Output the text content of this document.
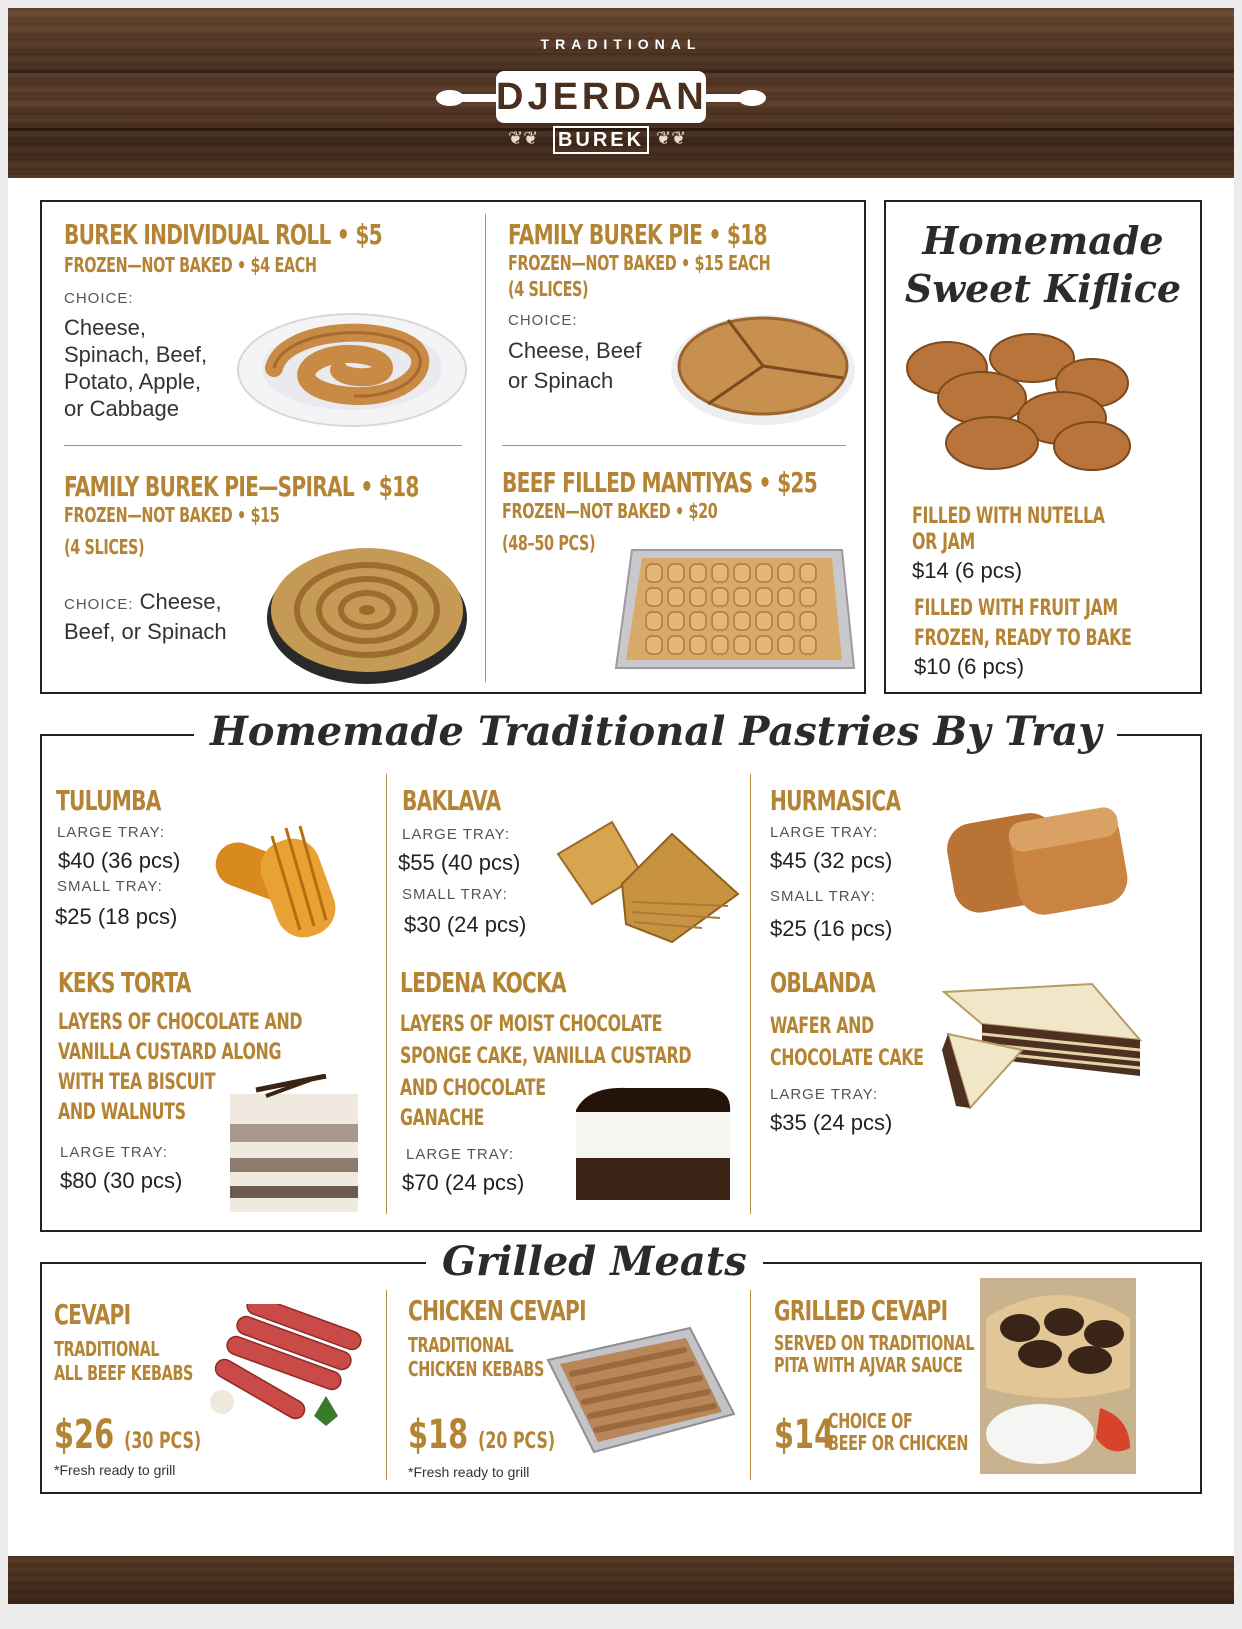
TRADITIONAL
DJERDAN
❦❦ BUREK ❦❦
BUREK INDIVIDUAL ROLL • $5
FROZEN—NOT BAKED • $4 EACH
CHOICE:
Cheese,
Spinach, Beef,
Potato, Apple,
or Cabbage
FAMILY BUREK PIE • $18
FROZEN—NOT BAKED • $15 EACH
(4 SLICES)
CHOICE:
Cheese, Beef
or Spinach
FAMILY BUREK PIE—SPIRAL • $18
FROZEN—NOT BAKED • $15
(4 SLICES)
CHOICE: Cheese,
Beef, or Spinach
BEEF FILLED MANTIYAS • $25
FROZEN—NOT BAKED • $20
(48–50 PCS)
Homemade
Sweet Kiflice
FILLED WITH NUTELLA
OR JAM
$14 (6 pcs)
FILLED WITH FRUIT JAM
FROZEN, READY TO BAKE
$10 (6 pcs)
Homemade Traditional Pastries By Tray
TULUMBA
LARGE TRAY:
$40 (36 pcs)
SMALL TRAY:
$25 (18 pcs)
BAKLAVA
LARGE TRAY:
$55 (40 pcs)
SMALL TRAY:
$30 (24 pcs)
HURMASICA
LARGE TRAY:
$45 (32 pcs)
SMALL TRAY:
$25 (16 pcs)
KEKS TORTA
LAYERS OF CHOCOLATE AND
VANILLA CUSTARD ALONG
WITH TEA BISCUIT
AND WALNUTS
LARGE TRAY:
$80 (30 pcs)
LEDENA KOCKA
LAYERS OF MOIST CHOCOLATE
SPONGE CAKE, VANILLA CUSTARD
AND CHOCOLATE
GANACHE
LARGE TRAY:
$70 (24 pcs)
OBLANDA
WAFER AND
CHOCOLATE CAKE
LARGE TRAY:
$35 (24 pcs)
Grilled Meats
CEVAPI
TRADITIONAL
ALL BEEF KEBABS
$26 (30 PCS)
*Fresh ready to grill
CHICKEN CEVAPI
TRADITIONAL
CHICKEN KEBABS
$18 (20 PCS)
*Fresh ready to grill
GRILLED CEVAPI
SERVED ON TRADITIONAL
PITA WITH AJVAR SAUCE
$14
CHOICE OF
BEEF OR CHICKEN
